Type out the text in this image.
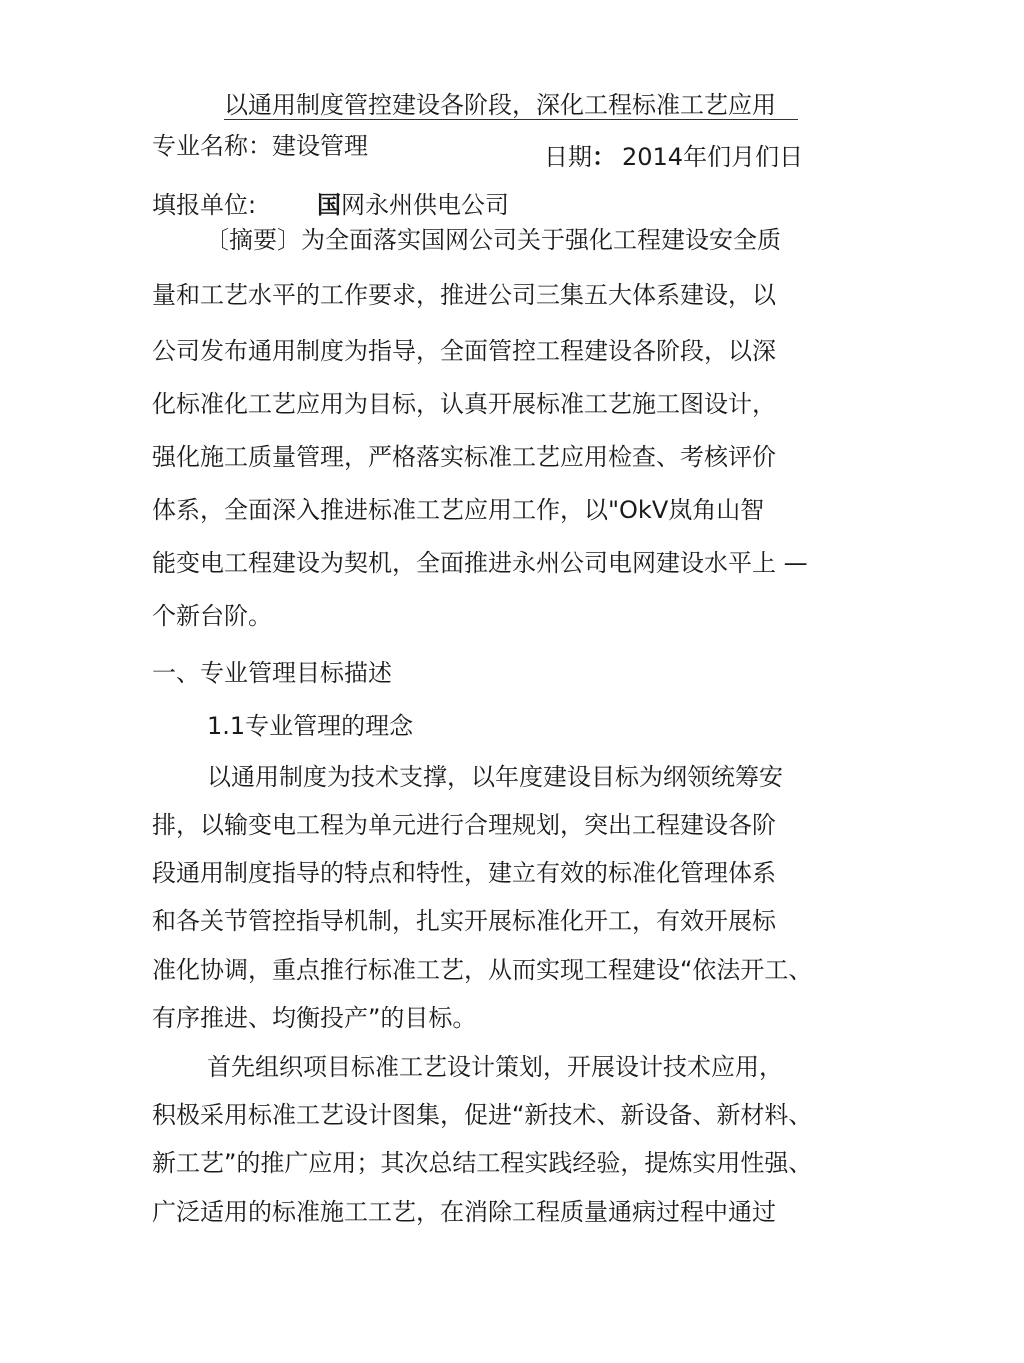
以通用制度管控建设各阶段，深化工程标准工艺应用
专业名称：建设管理	日期： 2014年们月们日
填报单位:	国网永州供电公司
〔摘要〕为全面落实国网公司关于强化工程建设安全质
量和工艺水平的工作要求，推进公司三集五大体系建设，以
公司发布通用制度为指导，全面管控工程建设各阶段，以深
化标准化工艺应用为目标，认真开展标准工艺施工图设计，
强化施工质量管理，严格落实标准工艺应用检查、考核评价
体系，全面深入推进标准工艺应用工作，以"OkV岚角山智
能变电工程建设为契机，全面推进永州公司电网建设水平上 —
个新台阶。
一、专业管理目标描述
1.1专业管理的理念
以通用制度为技术支撑，以年度建设目标为纲领统筹安
排，以输变电工程为单元进行合理规划，突出工程建设各阶
段通用制度指导的特点和特性，建立有效的标准化管理体系
和各关节管控指导机制，扎实开展标准化开工，有效开展标
准化协调，重点推行标准工艺，从而实现工程建设“依法开工、
有序推进、均衡投产”的目标。
首先组织项目标准工艺设计策划，开展设计技术应用，
积极采用标准工艺设计图集，促进“新技术、新设备、新材料、
新工艺”的推广应用；其次总结工程实践经验，提炼实用性强、
广泛适用的标准施工工艺，在消除工程质量通病过程中通过
